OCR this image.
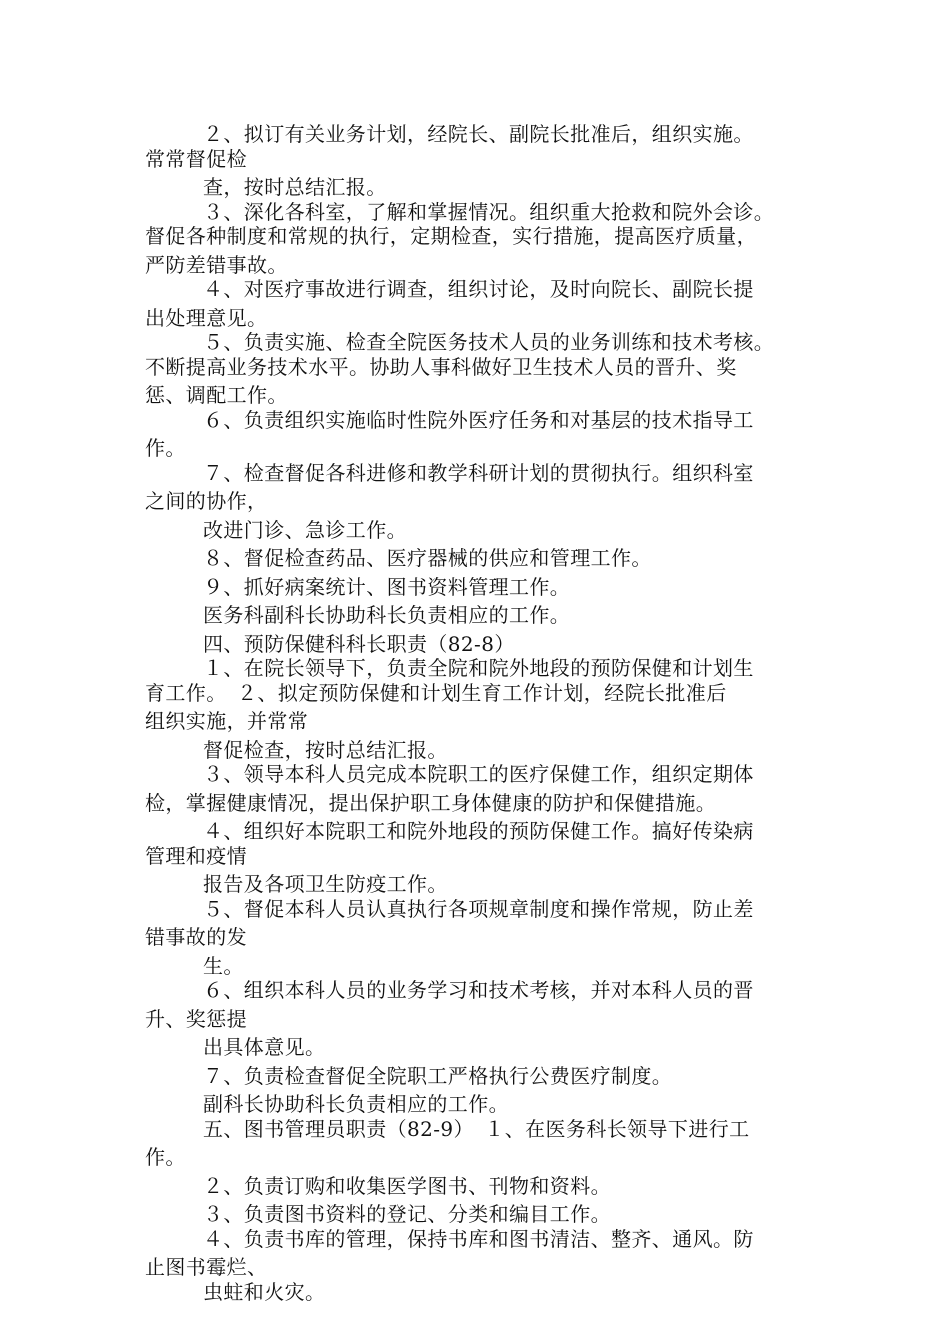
２、拟订有关业务计划，经院长、副院长批准后，组织实施。
常常督促检
查，按时总结汇报。
３、深化各科室，了解和掌握情况。组织重大抢救和院外会诊。
督促各种制度和常规的执行，定期检查，实行措施，提高医疗质量，
严防差错事故。
４、对医疗事故进行调查，组织讨论，及时向院长、副院长提
出处理意见。
５、负责实施、检查全院医务技术人员的业务训练和技术考核。
不断提高业务技术水平。协助人事科做好卫生技术人员的晋升、奖
惩、调配工作。
６、负责组织实施临时性院外医疗任务和对基层的技术指导工
作。
７、检查督促各科进修和教学科研计划的贯彻执行。组织科室
之间的协作，
改进门诊、急诊工作。
８、督促检查药品、医疗器械的供应和管理工作。
９、抓好病案统计、图书资料管理工作。
医务科副科长协助科长负责相应的工作。
四、预防保健科科长职责（82-8）
１、在院长领导下，负责全院和院外地段的预防保健和计划生
育工作。　２、拟定预防保健和计划生育工作计划，经院长批准后
组织实施，并常常
督促检查，按时总结汇报。
３、领导本科人员完成本院职工的医疗保健工作，组织定期体
检，掌握健康情况，提出保护职工身体健康的防护和保健措施。
４、组织好本院职工和院外地段的预防保健工作。搞好传染病
管理和疫情
报告及各项卫生防疫工作。
５、督促本科人员认真执行各项规章制度和操作常规，防止差
错事故的发
生。
６、组织本科人员的业务学习和技术考核，并对本科人员的晋
升、奖惩提
出具体意见。
７、负责检查督促全院职工严格执行公费医疗制度。
副科长协助科长负责相应的工作。
五、图书管理员职责（82-9）　１、在医务科长领导下进行工
作。
２、负责订购和收集医学图书、刊物和资料。
３、负责图书资料的登记、分类和编目工作。
４、负责书库的管理，保持书库和图书清洁、整齐、通风。防
止图书霉烂、
虫蛀和火灾。
